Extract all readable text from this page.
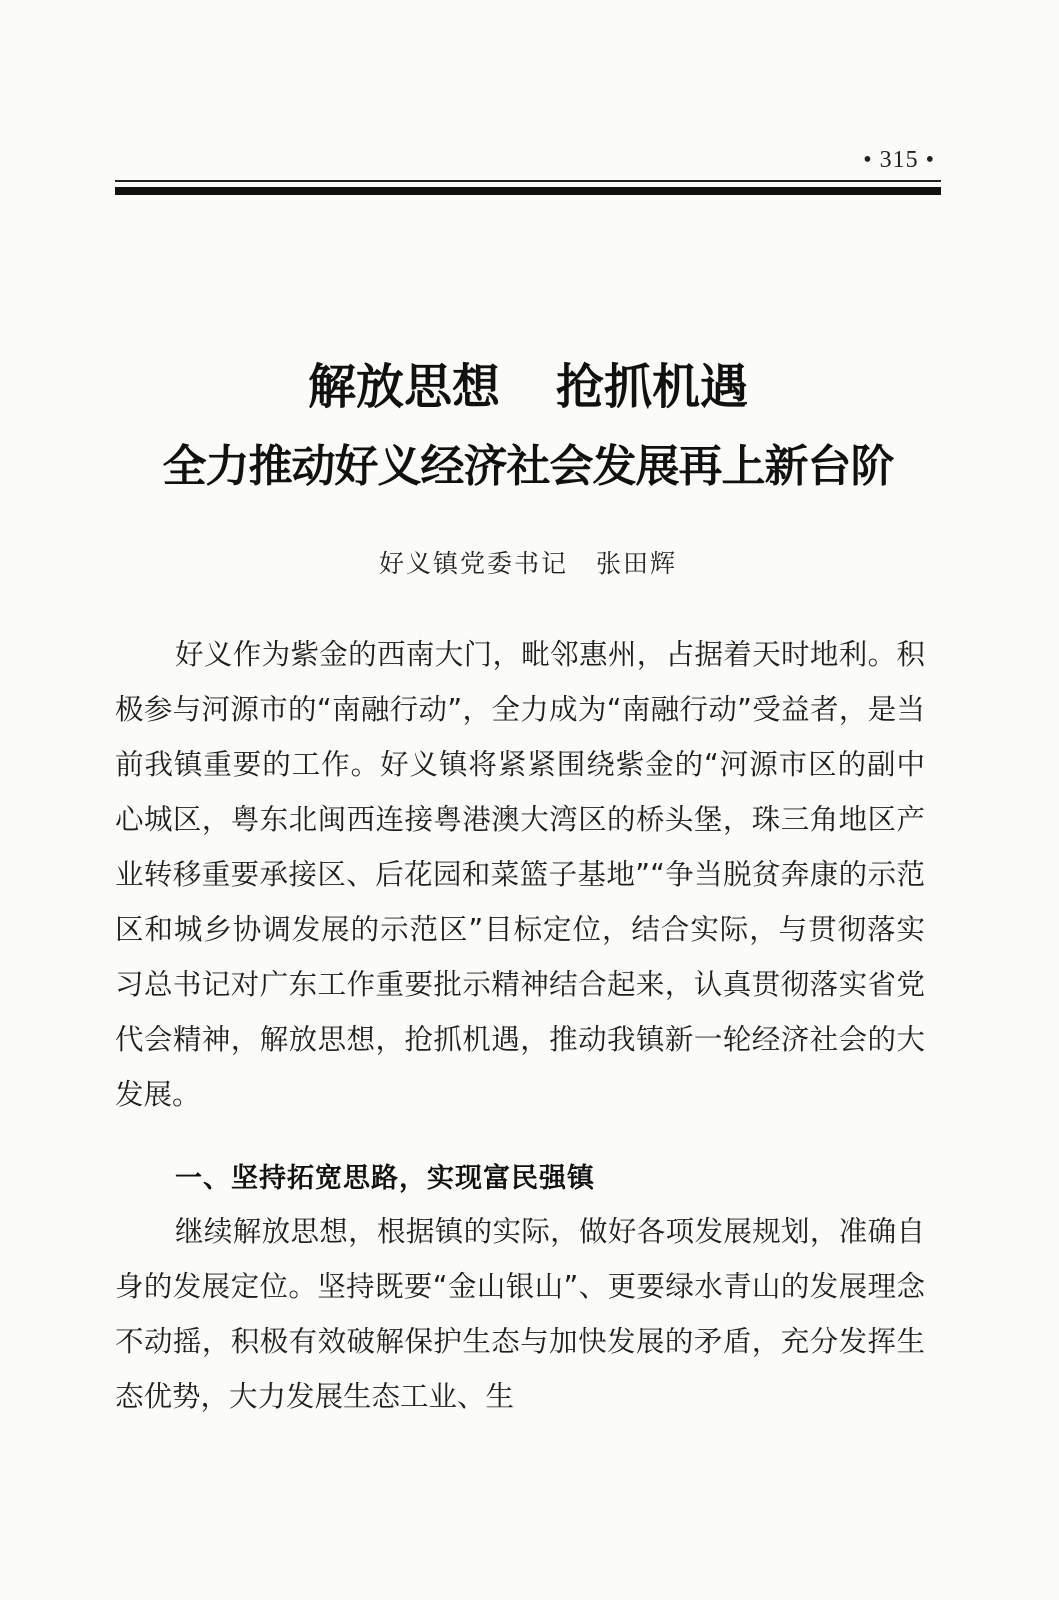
• 315 •
解放思想 抢抓机遇
全力推动好义经济社会发展再上新台阶
好义镇党委书记 张田辉
好义作为紫金的西南大门，毗邻惠州，占据着天时地利。积极参与河源市的“南融行动”，全力成为“南融行动”受益者，是当前我镇重要的工作。好义镇将紧紧围绕紫金的“河源市区的副中心城区，粤东北闽西连接粤港澳大湾区的桥头堡，珠三角地区产业转移重要承接区、后花园和菜篮子基地”“争当脱贫奔康的示范区和城乡协调发展的示范区”目标定位，结合实际，与贯彻落实习总书记对广东工作重要批示精神结合起来，认真贯彻落实省党代会精神，解放思想，抢抓机遇，推动我镇新一轮经济社会的大发展。
一、坚持拓宽思路，实现富民强镇
继续解放思想，根据镇的实际，做好各项发展规划，准确自身的发展定位。坚持既要“金山银山”、更要绿水青山的发展理念不动摇，积极有效破解保护生态与加快发展的矛盾，充分发挥生态优势，大力发展生态工业、生
